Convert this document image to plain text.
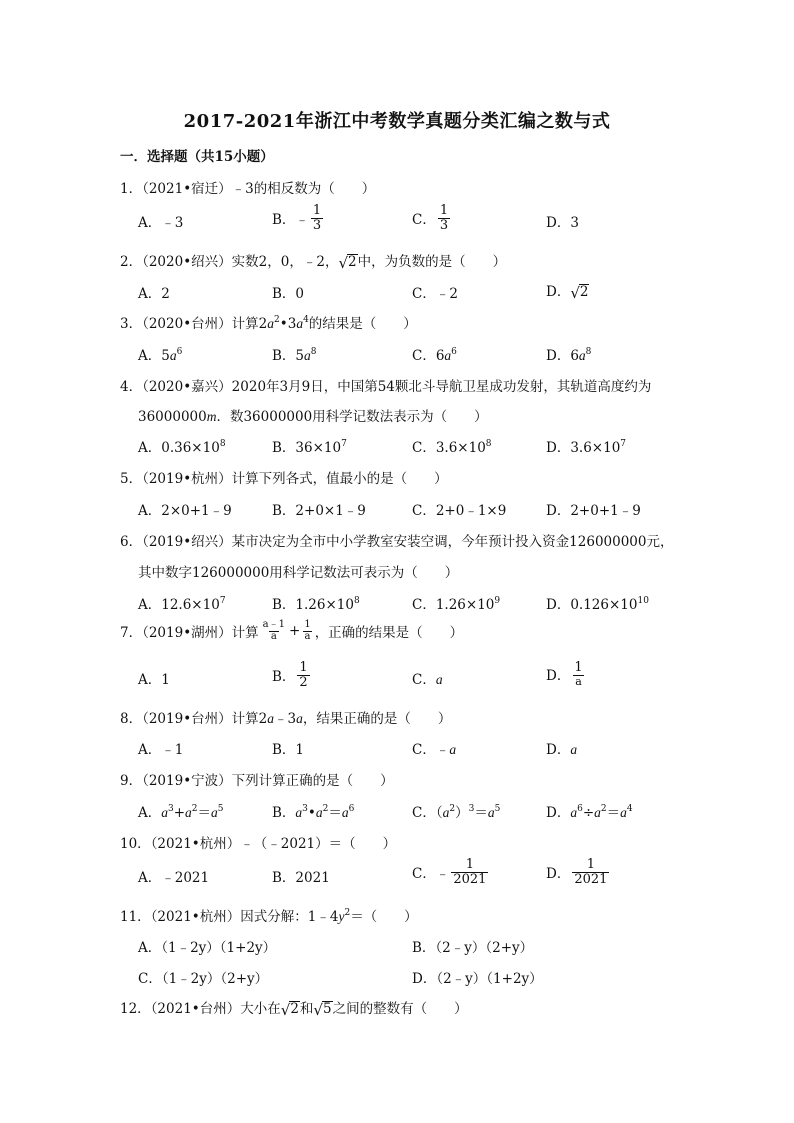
2017-2021年浙江中考数学真题分类汇编之数与式
一．选择题（共15小题）
1．（2021•宿迁）﹣3的相反数为（　　）
A．﹣3	B．﹣ $\frac{1}{3}$	C． $\frac{1}{3}$	D．3
2．（2020•绍兴）实数2，0，﹣2， √ 2 中，为负数的是（　　）
A．2	B．0	C．﹣2	D． √ 2
3．（2020•台州）计算$2a^2•3a^4$的结果是（　　）
A．$5a^6$	B．$5a^8$	C．$6a^6$	D．$6a^8$
4．（2020•嘉兴）2020年3月9日，中国第54颗北斗导航卫星成功发射，其轨道高度约为
36000000m．数36000000用科学记数法表示为（　　）
A．$0.36\times 10^8$	B．$36\times 10^7$	C．$3.6\times 10^8$	D．$3.6\times 10^7$
5．（2019•杭州）计算下列各式，值最小的是（　　）
A．2×0+1﹣9	B．2+0×1﹣9	C．2+0﹣1×9	D．2+0+1﹣9
6．（2019•绍兴）某市决定为全市中小学教室安装空调，今年预计投入资金126000000元，
其中数字126000000用科学记数法可表示为（　　）
A．$12.6\times 10^7$	B．$1.26\times 10^8$	C．$1.26\times 10^9$	D．$0.126\times 10^{10}$
7．（2019•湖州）计算 $\frac{a﹣1}{a} + \frac{1}{a}$ ，正确的结果是（　　）
A．1	B． $\frac{1}{2}$	C．a	D． $\frac{1}{a}$
8．（2019•台州）计算2a﹣3a，结果正确的是（　　）
A．﹣1	B．1	C．﹣a	D．a
9．（2019•宁波）下列计算正确的是（　　）
A．$a^3+a^2=a^5$	B．$a^3•a^2=a^6$	C．$(a^2)^3=a^5$	D．$a^6\div a^2=a^4$
10．（2021•杭州）﹣（﹣2021）＝（　　）
A．﹣2021	B．2021	C．﹣ $\frac{1}{2021}$	D． $\frac{1}{2021}$
11．（2021•杭州）因式分解：$1﹣4y^2=$（　　）
A．（1﹣2y）（1+2y）	B．（2﹣y）（2+y）
C．（1﹣2y）（2+y）	D．（2﹣y）（1+2y）
12．（2021•台州）大小在 √ 2 和 √ 5 之间的整数有（　　）
